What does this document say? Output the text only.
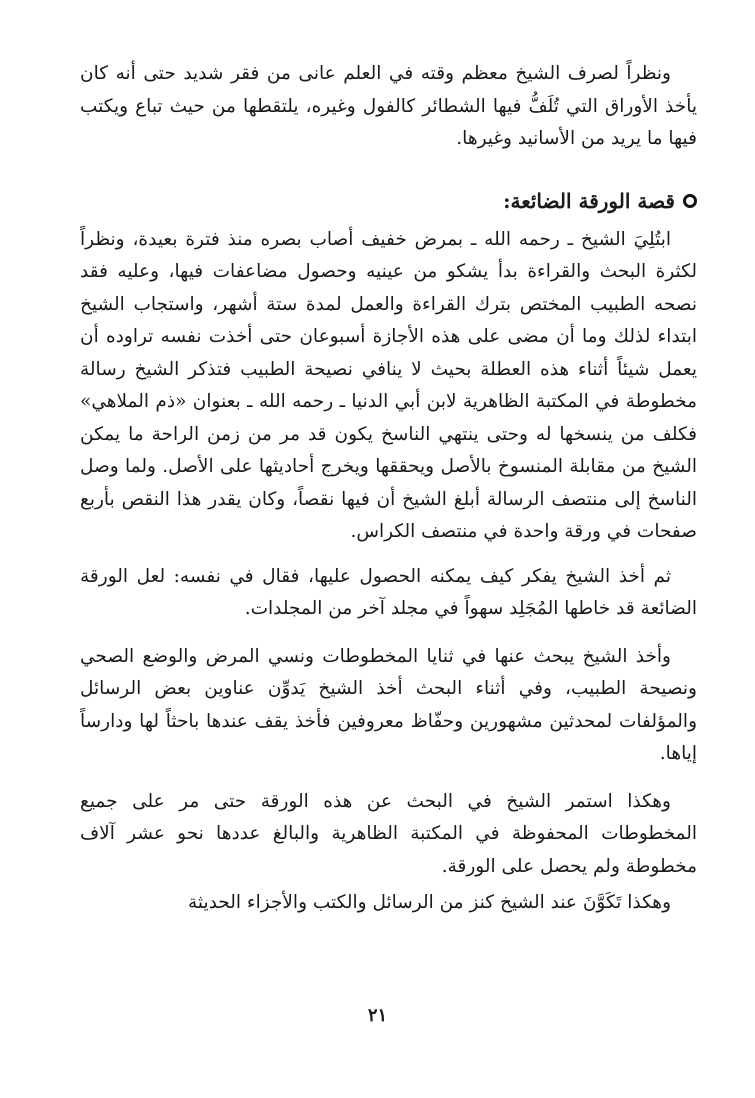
ونظراً لصرف الشيخ معظم وقته في العلم عانى من فقر شديد حتى أنه كان يأخذ الأوراق التي تُلَفُّ فيها الشطائر كالفول وغيره، يلتقطها من حيث تباع ويكتب فيها ما يريد من الأسانيد وغيرها.

قصة الورقة الضائعة:

ابتُلِيَ الشيخ ـ رحمه الله ـ بمرض خفيف أصاب بصره منذ فترة بعيدة، ونظراً لكثرة البحث والقراءة بدأ يشكو من عينيه وحصول مضاعفات فيها، وعليه فقد نصحه الطبيب المختص بترك القراءة والعمل لمدة ستة أشهر، واستجاب الشيخ ابتداء لذلك وما أن مضى على هذه الأجازة أسبوعان حتى أخذت نفسه تراوده أن يعمل شيئاً أثناء هذه العطلة بحيث لا ينافي نصيحة الطبيب فتذكر الشيخ رسالة مخطوطة في المكتبة الظاهرية لابن أبي الدنيا ـ رحمه الله ـ بعنوان «ذم الملاهي» فكلف من ينسخها له وحتى ينتهي الناسخ يكون قد مر من زمن الراحة ما يمكن الشيخ من مقابلة المنسوخ بالأصل ويحققها ويخرج أحاديثها على الأصل. ولما وصل الناسخ إلى منتصف الرسالة أبلغ الشيخ أن فيها نقصاً، وكان يقدر هذا النقص بأربع صفحات في ورقة واحدة في منتصف الكراس.

ثم أخذ الشيخ يفكر كيف يمكنه الحصول عليها، فقال في نفسه: لعل الورقة الضائعة قد خاطها المُجَلِد سهواً في مجلد آخر من المجلدات.

وأخذ الشيخ يبحث عنها في ثنايا المخطوطات ونسي المرض والوضع الصحي ونصيحة الطبيب، وفي أثناء البحث أخذ الشيخ يَدوِّن عناوين بعض الرسائل والمؤلفات لمحدثين مشهورين وحفّاظ معروفين فأخذ يقف عندها باحثاً لها ودارساً إياها.

وهكذا استمر الشيخ في البحث عن هذه الورقة حتى مر على جميع المخطوطات المحفوظة في المكتبة الظاهرية والبالغ عددها نحو عشر آلاف مخطوطة ولم يحصل على الورقة.

وهكذا تَكَوَّنَ عند الشيخ كنز من الرسائل والكتب والأجزاء الحديثة

٢١
